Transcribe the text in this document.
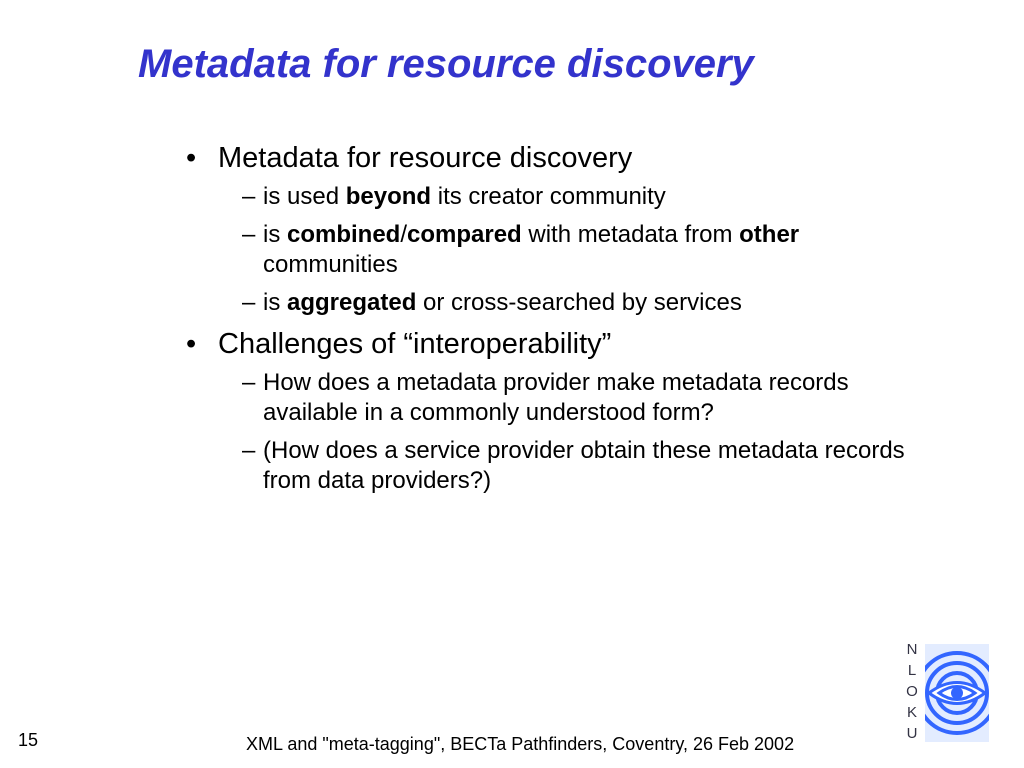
Metadata for resource discovery
• Metadata for resource discovery
– is used beyond its creator community
– is combined/compared with metadata from other communities
– is aggregated or cross-searched by services
• Challenges of “interoperability”
– How does a metadata provider make metadata records available in a commonly understood form?
– (How does a service provider obtain these metadata records from data providers?)
15	XML and "meta-tagging", BECTa Pathfinders, Coventry, 26 Feb 2002
N
L
O
K
U
